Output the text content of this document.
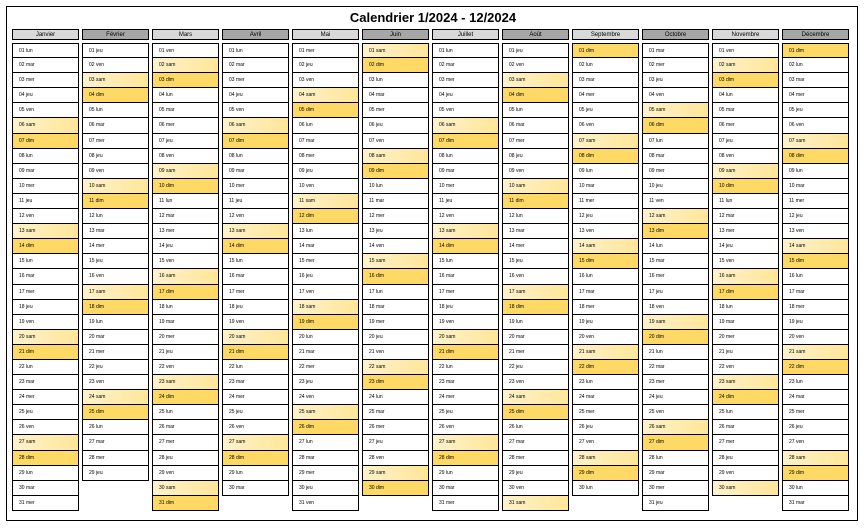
Calendrier 1/2024 - 12/2024
Janvier
01 lun
02 mar
03 mer
04 jeu
05 ven
06 sam
07 dim
08 lun
09 mar
10 mer
11 jeu
12 ven
13 sam
14 dim
15 lun
16 mar
17 mer
18 jeu
19 ven
20 sam
21 dim
22 lun
23 mar
24 mer
25 jeu
26 ven
27 sam
28 dim
29 lun
30 mar
31 mer
Février
01 jeu
02 ven
03 sam
04 dim
05 lun
06 mar
07 mer
08 jeu
09 ven
10 sam
11 dim
12 lun
13 mar
14 mer
15 jeu
16 ven
17 sam
18 dim
19 lun
20 mar
21 mer
22 jeu
23 ven
24 sam
25 dim
26 lun
27 mar
28 mer
29 jeu
Mars
01 ven
02 sam
03 dim
04 lun
05 mar
06 mer
07 jeu
08 ven
09 sam
10 dim
11 lun
12 mar
13 mer
14 jeu
15 ven
16 sam
17 dim
18 lun
19 mar
20 mer
21 jeu
22 ven
23 sam
24 dim
25 lun
26 mar
27 mer
28 jeu
29 ven
30 sam
31 dim
Avril
01 lun
02 mar
03 mer
04 jeu
05 ven
06 sam
07 dim
08 lun
09 mar
10 mer
11 jeu
12 ven
13 sam
14 dim
15 lun
16 mar
17 mer
18 jeu
19 ven
20 sam
21 dim
22 lun
23 mar
24 mer
25 jeu
26 ven
27 sam
28 dim
29 lun
30 mar
Mai
01 mer
02 jeu
03 ven
04 sam
05 dim
06 lun
07 mar
08 mer
09 jeu
10 ven
11 sam
12 dim
13 lun
14 mar
15 mer
16 jeu
17 ven
18 sam
19 dim
20 lun
21 mar
22 mer
23 jeu
24 ven
25 sam
26 dim
27 lun
28 mar
29 mer
30 jeu
31 ven
Juin
01 sam
02 dim
03 lun
04 mar
05 mer
06 jeu
07 ven
08 sam
09 dim
10 lun
11 mar
12 mer
13 jeu
14 ven
15 sam
16 dim
17 lun
18 mar
19 mer
20 jeu
21 ven
22 sam
23 dim
24 lun
25 mar
26 mer
27 jeu
28 ven
29 sam
30 dim
Juillet
01 lun
02 mar
03 mer
04 jeu
05 ven
06 sam
07 dim
08 lun
09 mar
10 mer
11 jeu
12 ven
13 sam
14 dim
15 lun
16 mar
17 mer
18 jeu
19 ven
20 sam
21 dim
22 lun
23 mar
24 mer
25 jeu
26 ven
27 sam
28 dim
29 lun
30 mar
31 mer
Août
01 jeu
02 ven
03 sam
04 dim
05 lun
06 mar
07 mer
08 jeu
09 ven
10 sam
11 dim
12 lun
13 mar
14 mer
15 jeu
16 ven
17 sam
18 dim
19 lun
20 mar
21 mer
22 jeu
23 ven
24 sam
25 dim
26 lun
27 mar
28 mer
29 jeu
30 ven
31 sam
Septembre
01 dim
02 lun
03 mar
04 mer
05 jeu
06 ven
07 sam
08 dim
09 lun
10 mar
11 mer
12 jeu
13 ven
14 sam
15 dim
16 lun
17 mar
18 mer
19 jeu
20 ven
21 sam
22 dim
23 lun
24 mar
25 mer
26 jeu
27 ven
28 sam
29 dim
30 lun
Octobre
01 mar
02 mer
03 jeu
04 ven
05 sam
06 dim
07 lun
08 mar
09 mer
10 jeu
11 ven
12 sam
13 dim
14 lun
15 mar
16 mer
17 jeu
18 ven
19 sam
20 dim
21 lun
22 mar
23 mer
24 jeu
25 ven
26 sam
27 dim
28 lun
29 mar
30 mer
31 jeu
Novembre
01 ven
02 sam
03 dim
04 lun
05 mar
06 mer
07 jeu
08 ven
09 sam
10 dim
11 lun
12 mar
13 mer
14 jeu
15 ven
16 sam
17 dim
18 lun
19 mar
20 mer
21 jeu
22 ven
23 sam
24 dim
25 lun
26 mar
27 mer
28 jeu
29 ven
30 sam
Décembre
01 dim
02 lun
03 mar
04 mer
05 jeu
06 ven
07 sam
08 dim
09 lun
10 mar
11 mer
12 jeu
13 ven
14 sam
15 dim
16 lun
17 mar
18 mer
19 jeu
20 ven
21 sam
22 dim
23 lun
24 mar
25 mer
26 jeu
27 ven
28 sam
29 dim
30 lun
31 mar
